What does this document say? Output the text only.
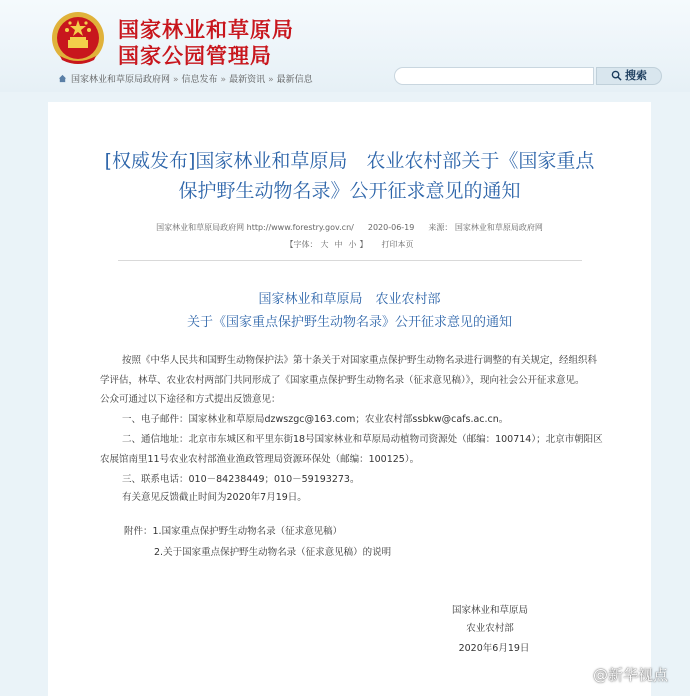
国家林业和草原局
国家公园管理局
国家林业和草原局政府网 » 信息发布 » 最新资讯 » 最新信息	搜索
[权威发布]国家林业和草原局　农业农村部关于《国家重点
保护野生动物名录》公开征求意见的通知
国家林业和草原局政府网 http://www.forestry.gov.cn/ 2020-06-19 来源： 国家林业和草原局政府网
【字体： 大 中 小 】 打印本页
国家林业和草原局　农业农村部
关于《国家重点保护野生动物名录》公开征求意见的通知
按照《中华人民共和国野生动物保护法》第十条关于对国家重点保护野生动物名录进行调整的有关规定，经组织科
学评估，林草、农业农村两部门共同形成了《国家重点保护野生动物名录（征求意见稿）》，现向社会公开征求意见。
公众可通过以下途径和方式提出反馈意见：
一、电子邮件：国家林业和草原局dzwszgc@163.com；农业农村部ssbkw@cafs.ac.cn。
二、通信地址：北京市东城区和平里东街18号国家林业和草原局动植物司资源处（邮编：100714）；北京市朝阳区
农展馆南里11号农业农村部渔业渔政管理局资源环保处（邮编：100125）。
三、联系电话：010－84238449；010－59193273。
有关意见反馈截止时间为2020年7月19日。
附件：1.国家重点保护野生动物名录（征求意见稿）
2.关于国家重点保护野生动物名录（征求意见稿）的说明
国家林业和草原局
农业农村部
2020年6月19日
@新华视点
